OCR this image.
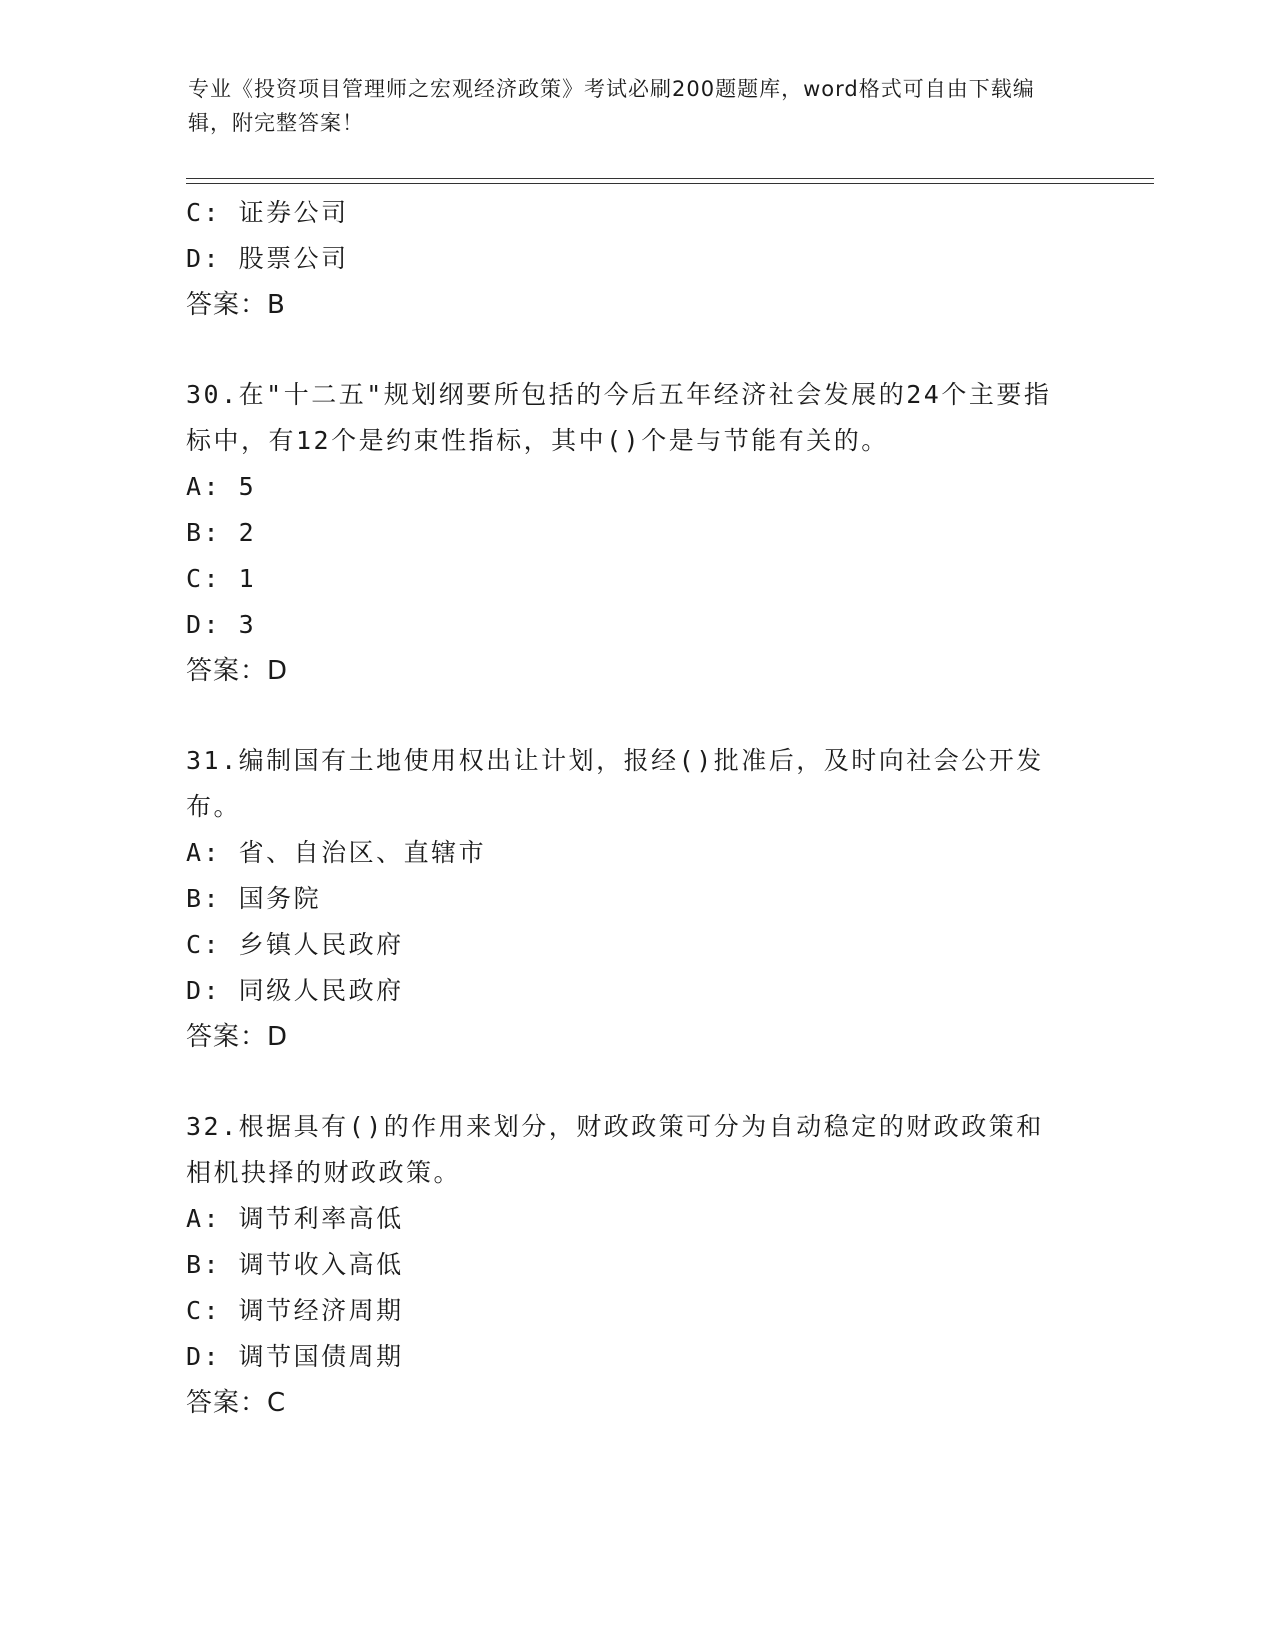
专业《投资项目管理师之宏观经济政策》考试必刷200题题库，word格式可自由下载编辑，附完整答案！
C: 证券公司
D: 股票公司
答案：B
30.在"十二五"规划纲要所包括的今后五年经济社会发展的24个主要指标中，有12个是约束性指标，其中()个是与节能有关的。
A: 5
B: 2
C: 1
D: 3
答案：D
31.编制国有土地使用权出让计划，报经()批准后，及时向社会公开发布。
A: 省、自治区、直辖市
B: 国务院
C: 乡镇人民政府
D: 同级人民政府
答案：D
32.根据具有()的作用来划分，财政政策可分为自动稳定的财政政策和相机抉择的财政政策。
A: 调节利率高低
B: 调节收入高低
C: 调节经济周期
D: 调节国债周期
答案：C
